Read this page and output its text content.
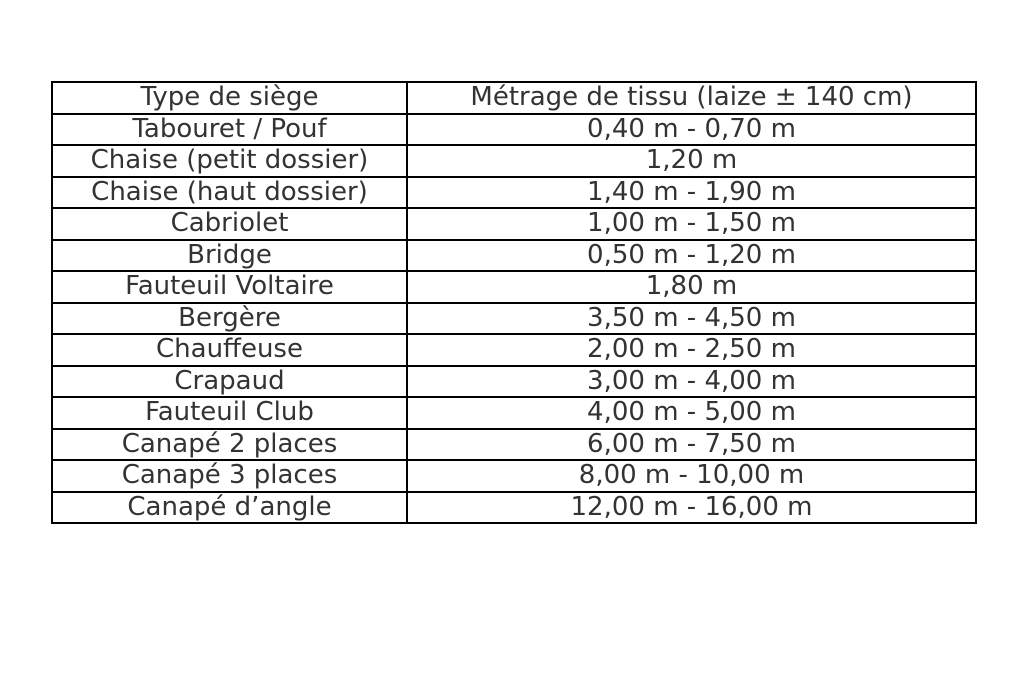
Type de siège	Métrage de tissu (laize ± 140 cm)
Tabouret / Pouf	0,40 m - 0,70 m
Chaise (petit dossier)	1,20 m
Chaise (haut dossier)	1,40 m - 1,90 m
Cabriolet	1,00 m - 1,50 m
Bridge	0,50 m - 1,20 m
Fauteuil Voltaire	1,80 m
Bergère	3,50 m - 4,50 m
Chauffeuse	2,00 m - 2,50 m
Crapaud	3,00 m - 4,00 m
Fauteuil Club	4,00 m - 5,00 m
Canapé 2 places	6,00 m - 7,50 m
Canapé 3 places	8,00 m - 10,00 m
Canapé d’angle	12,00 m - 16,00 m
